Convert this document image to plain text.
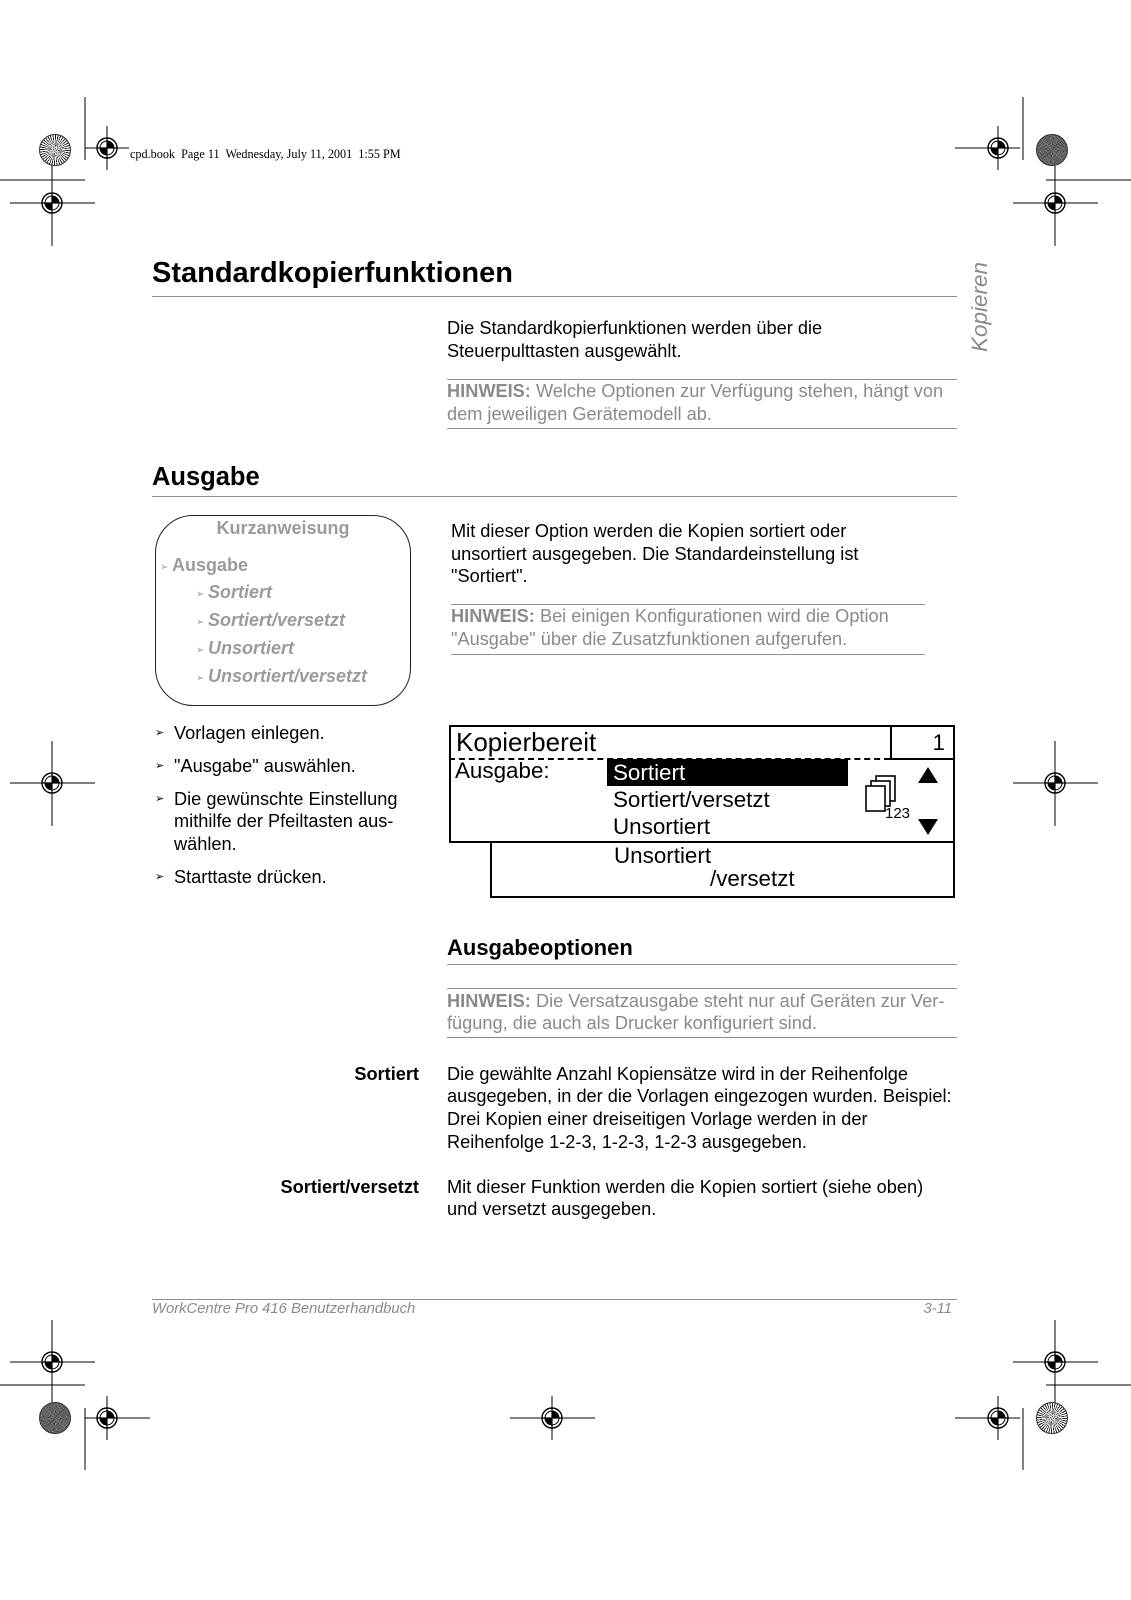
cpd.book  Page 11  Wednesday, July 11, 2001  1:55 PM
Kopieren
Standardkopierfunktionen
Die Standardkopierfunktionen werden über die
Steuerpulttasten ausgewählt.
HINWEIS: Welche Optionen zur Verfügung stehen, hängt von
dem jeweiligen Gerätemodell ab.
Ausgabe
Kurzanweisung
➢Ausgabe
➢Sortiert
➢Sortiert/versetzt
➢Unsortiert
➢Unsortiert/versetzt
Mit dieser Option werden die Kopien sortiert oder
unsortiert ausgegeben. Die Standardeinstellung ist
"Sortiert".
HINWEIS: Bei einigen Konfigurationen wird die Option
"Ausgabe" über die Zusatzfunktionen aufgerufen.
➢
Vorlagen einlegen.
➢
"Ausgabe" auswählen.
➢
Die gewünschte Einstellung
mithilfe der Pfeiltasten aus-
wählen.
➢
Starttaste drücken.
1
Kopierbereit
Ausgabe:	Sortiert
Sortiert/versetzt
Unsortiert
Unsortiert
/versetzt
123
Ausgabeoptionen
HINWEIS: Die Versatzausgabe steht nur auf Geräten zur Ver-
fügung, die auch als Drucker konfiguriert sind.
Sortiert Die gewählte Anzahl Kopiensätze wird in der Reihenfolge
ausgegeben, in der die Vorlagen eingezogen wurden. Beispiel:
Drei Kopien einer dreiseitigen Vorlage werden in der
Reihenfolge 1-2-3, 1-2-3, 1-2-3 ausgegeben.
Sortiert/versetzt Mit dieser Funktion werden die Kopien sortiert (siehe oben)
und versetzt ausgegeben.
WorkCentre Pro 416 Benutzerhandbuch	3-11
